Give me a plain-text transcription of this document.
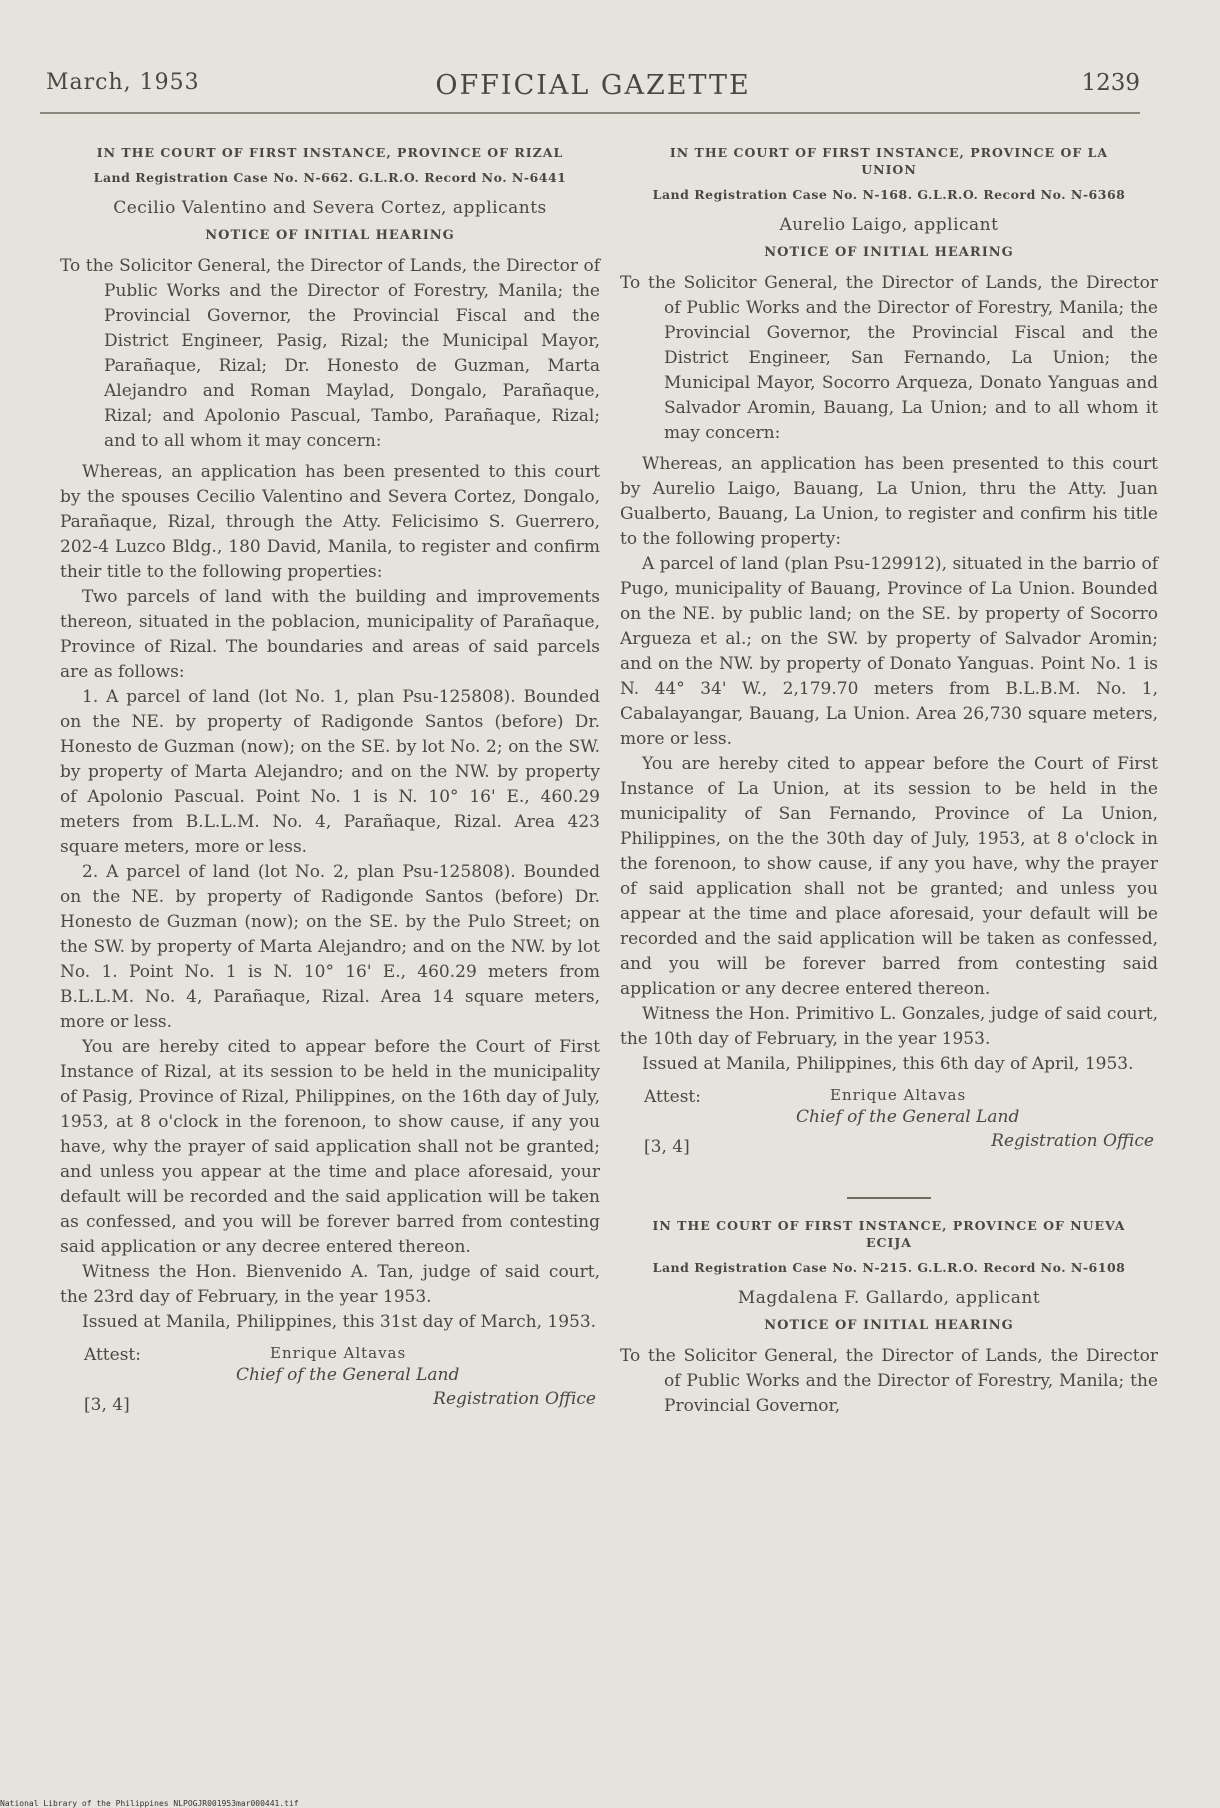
March, 1953	OFFICIAL GAZETTE	1239
IN THE COURT OF FIRST INSTANCE, PROVINCE OF RIZAL
Land Registration Case No. N-662. G.L.R.O. Record No. N-6441
Cecilio Valentino and Severa Cortez, applicants
NOTICE OF INITIAL HEARING
To the Solicitor General, the Director of Lands, the Director of Public Works and the Director of Forestry, Manila; the Provincial Governor, the Provincial Fiscal and the District Engineer, Pasig, Rizal; the Municipal Mayor, Parañaque, Rizal; Dr. Honesto de Guzman, Marta Alejandro and Roman Maylad, Dongalo, Parañaque, Rizal; and Apolonio Pascual, Tambo, Parañaque, Rizal; and to all whom it may concern:

Whereas, an application has been presented to this court by the spouses Cecilio Valentino and Severa Cortez, Dongalo, Parañaque, Rizal, through the Atty. Felicisimo S. Guerrero, 202-4 Luzco Bldg., 180 David, Manila, to register and confirm their title to the following properties:

Two parcels of land with the building and improvements thereon, situated in the poblacion, municipality of Parañaque, Province of Rizal. The boundaries and areas of said parcels are as follows:

1. A parcel of land (lot No. 1, plan Psu-125808). Bounded on the NE. by property of Radigonde Santos (before) Dr. Honesto de Guzman (now); on the SE. by lot No. 2; on the SW. by property of Marta Alejandro; and on the NW. by property of Apolonio Pascual. Point No. 1 is N. 10° 16' E., 460.29 meters from B.L.L.M. No. 4, Parañaque, Rizal. Area 423 square meters, more or less.

2. A parcel of land (lot No. 2, plan Psu-125808). Bounded on the NE. by property of Radigonde Santos (before) Dr. Honesto de Guzman (now); on the SE. by the Pulo Street; on the SW. by property of Marta Alejandro; and on the NW. by lot No. 1. Point No. 1 is N. 10° 16' E., 460.29 meters from B.L.L.M. No. 4, Parañaque, Rizal. Area 14 square meters, more or less.

You are hereby cited to appear before the Court of First Instance of Rizal, at its session to be held in the municipality of Pasig, Province of Rizal, Philippines, on the 16th day of July, 1953, at 8 o'clock in the forenoon, to show cause, if any you have, why the prayer of said application shall not be granted; and unless you appear at the time and place aforesaid, your default will be recorded and the said application will be taken as confessed, and you will be forever barred from contesting said application or any decree entered thereon.

Witness the Hon. Bienvenido A. Tan, judge of said court, the 23rd day of February, in the year 1953.

Issued at Manila, Philippines, this 31st day of March, 1953.

Attest:	Enrique Altavas
Chief of the General Land
Registration Office
[3, 4]
IN THE COURT OF FIRST INSTANCE, PROVINCE OF LA UNION
Land Registration Case No. N-168. G.L.R.O. Record No. N-6368
Aurelio Laigo, applicant
NOTICE OF INITIAL HEARING
To the Solicitor General, the Director of Lands, the Director of Public Works and the Director of Forestry, Manila; the Provincial Governor, the Provincial Fiscal and the District Engineer, San Fernando, La Union; the Municipal Mayor, Socorro Arqueza, Donato Yanguas and Salvador Aromin, Bauang, La Union; and to all whom it may concern:

Whereas, an application has been presented to this court by Aurelio Laigo, Bauang, La Union, thru the Atty. Juan Gualberto, Bauang, La Union, to register and confirm his title to the following property:

A parcel of land (plan Psu-129912), situated in the barrio of Pugo, municipality of Bauang, Province of La Union. Bounded on the NE. by public land; on the SE. by property of Socorro Argueza et al.; on the SW. by property of Salvador Aromin; and on the NW. by property of Donato Yanguas. Point No. 1 is N. 44° 34' W., 2,179.70 meters from B.L.B.M. No. 1, Cabalayangar, Bauang, La Union. Area 26,730 square meters, more or less.

You are hereby cited to appear before the Court of First Instance of La Union, at its session to be held in the municipality of San Fernando, Province of La Union, Philippines, on the the 30th day of July, 1953, at 8 o'clock in the forenoon, to show cause, if any you have, why the prayer of said application shall not be granted; and unless you appear at the time and place aforesaid, your default will be recorded and the said application will be taken as confessed, and you will be forever barred from contesting said application or any decree entered thereon.

Witness the Hon. Primitivo L. Gonzales, judge of said court, the 10th day of February, in the year 1953.

Issued at Manila, Philippines, this 6th day of April, 1953.

Attest:	Enrique Altavas
Chief of the General Land
Registration Office
[3, 4]
IN THE COURT OF FIRST INSTANCE, PROVINCE OF NUEVA ECIJA
Land Registration Case No. N-215. G.L.R.O. Record No. N-6108
Magdalena F. Gallardo, applicant
NOTICE OF INITIAL HEARING
To the Solicitor General, the Director of Lands, the Director of Public Works and the Director of Forestry, Manila; the Provincial Governor,
National Library of the Philippines NLPOGJR001953mar000441.tif
